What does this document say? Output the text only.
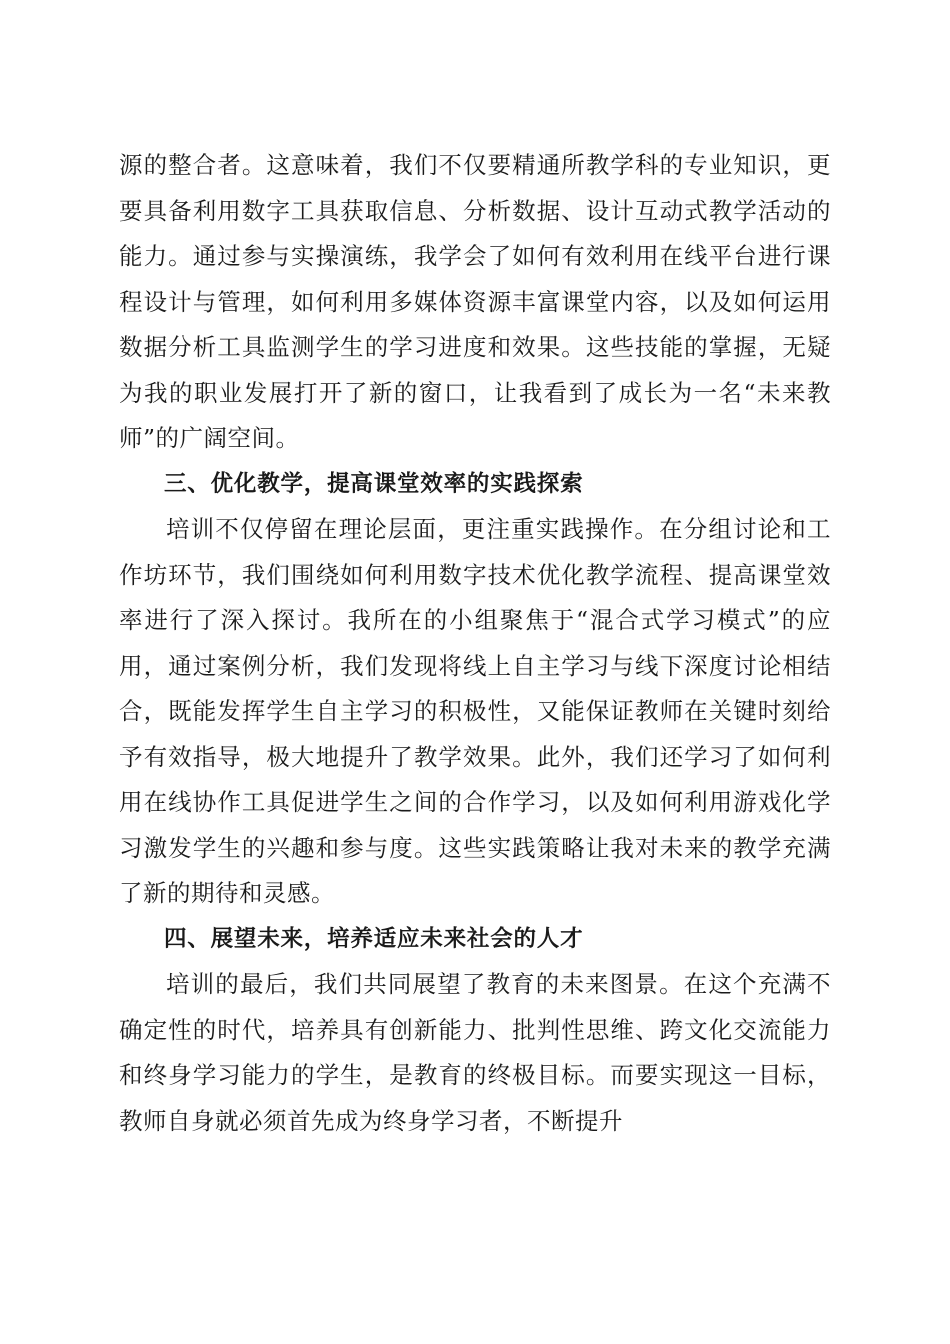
源的整合者。这意味着，我们不仅要精通所教学科的专业知识，更要具备利用数字工具获取信息、分析数据、设计互动式教学活动的能力。通过参与实操演练，我学会了如何有效利用在线平台进行课程设计与管理，如何利用多媒体资源丰富课堂内容，以及如何运用数据分析工具监测学生的学习进度和效果。这些技能的掌握，无疑为我的职业发展打开了新的窗口，让我看到了成长为一名“未来教师”的广阔空间。

三、优化教学，提高课堂效率的实践探索

培训不仅停留在理论层面，更注重实践操作。在分组讨论和工作坊环节，我们围绕如何利用数字技术优化教学流程、提高课堂效率进行了深入探讨。我所在的小组聚焦于“混合式学习模式”的应用，通过案例分析，我们发现将线上自主学习与线下深度讨论相结合，既能发挥学生自主学习的积极性，又能保证教师在关键时刻给予有效指导，极大地提升了教学效果。此外，我们还学习了如何利用在线协作工具促进学生之间的合作学习，以及如何利用游戏化学习激发学生的兴趣和参与度。这些实践策略让我对未来的教学充满了新的期待和灵感。

四、展望未来，培养适应未来社会的人才

培训的最后，我们共同展望了教育的未来图景。在这个充满不确定性的时代，培养具有创新能力、批判性思维、跨文化交流能力和终身学习能力的学生，是教育的终极目标。而要实现这一目标，教师自身就必须首先成为终身学习者，不断提升
